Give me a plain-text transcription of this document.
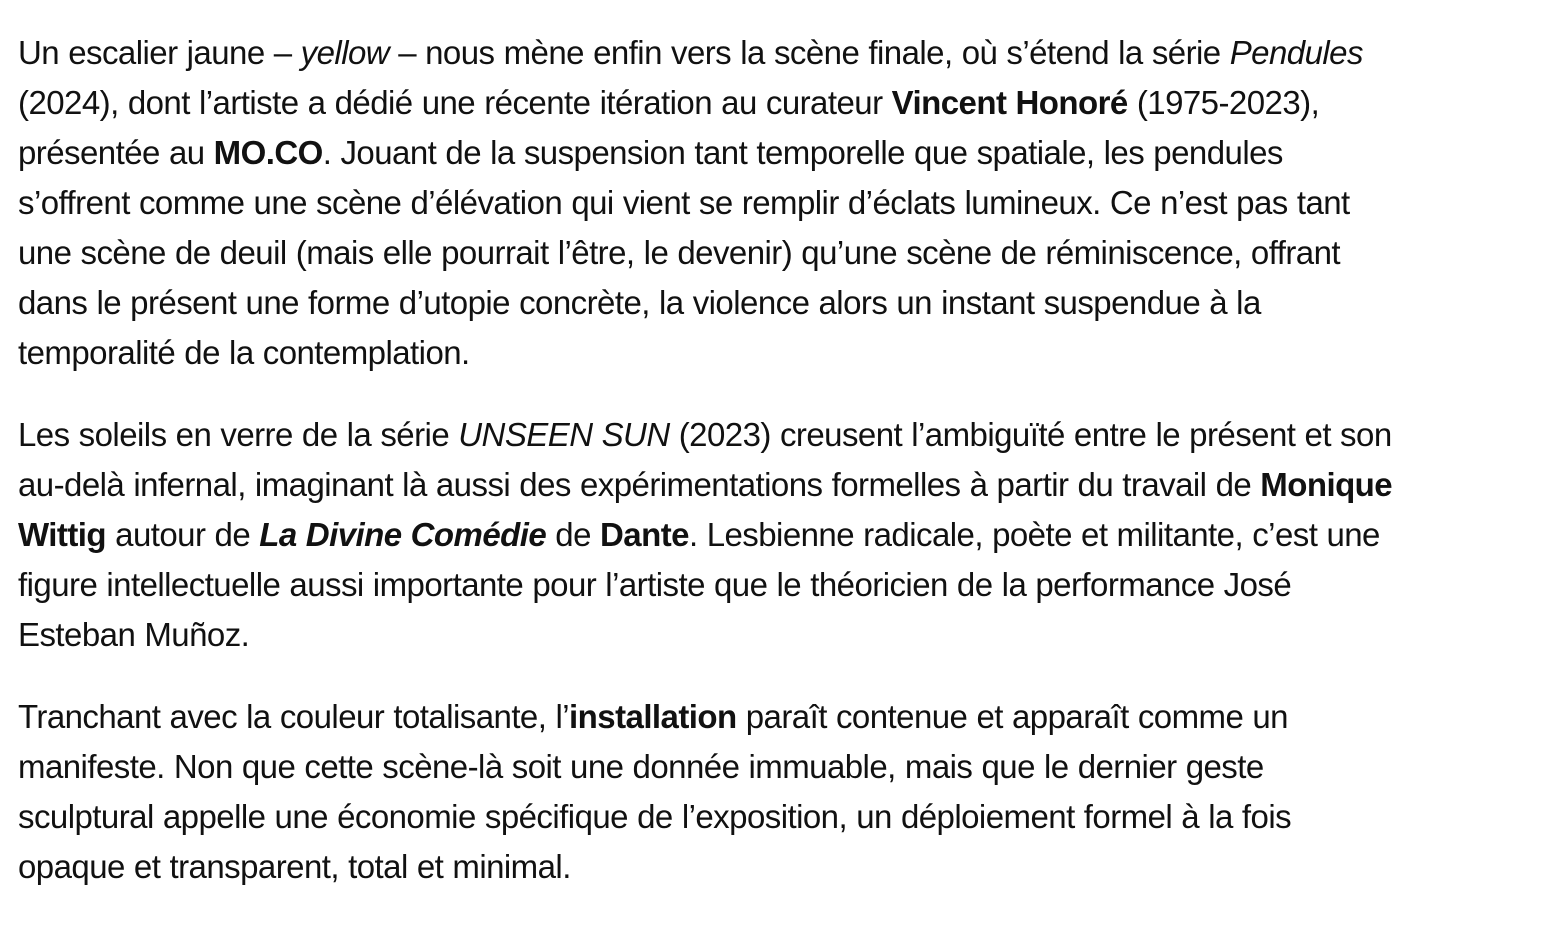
Un escalier jaune – yellow – nous mène enfin vers la scène finale, où s’étend la série Pendules
(2024), dont l’artiste a dédié une récente itération au curateur Vincent Honoré (1975-2023),
présentée au MO.CO. Jouant de la suspension tant temporelle que spatiale, les pendules
s’offrent comme une scène d’élévation qui vient se remplir d’éclats lumineux. Ce n’est pas tant
une scène de deuil (mais elle pourrait l’être, le devenir) qu’une scène de réminiscence, offrant
dans le présent une forme d’utopie concrète, la violence alors un instant suspendue à la
temporalité de la contemplation.

Les soleils en verre de la série UNSEEN SUN (2023) creusent l’ambiguïté entre le présent et son
au-delà infernal, imaginant là aussi des expérimentations formelles à partir du travail de Monique
Wittig autour de La Divine Comédie de Dante. Lesbienne radicale, poète et militante, c’est une
figure intellectuelle aussi importante pour l’artiste que le théoricien de la performance José
Esteban Muñoz.

Tranchant avec la couleur totalisante, l’installation paraît contenue et apparaît comme un
manifeste. Non que cette scène-là soit une donnée immuable, mais que le dernier geste
sculptural appelle une économie spécifique de l’exposition, un déploiement formel à la fois
opaque et transparent, total et minimal.
